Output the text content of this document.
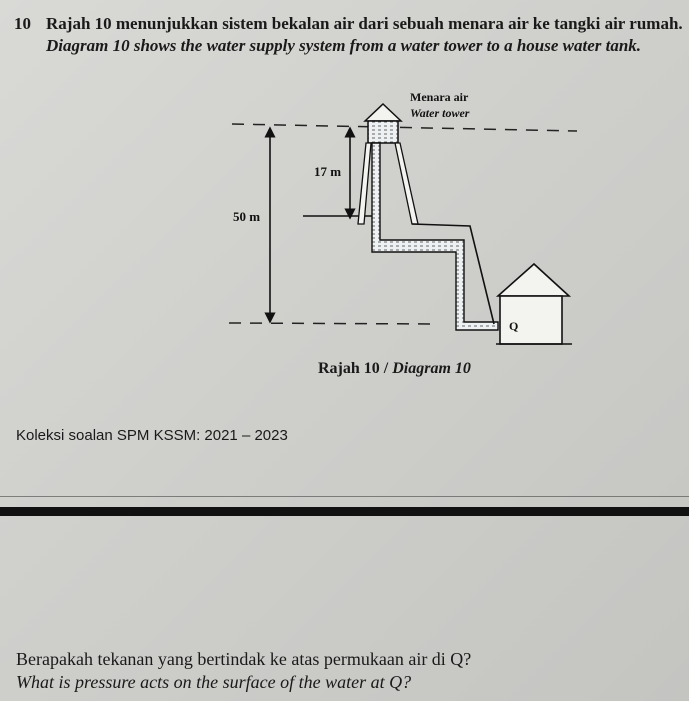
10 Rajah 10 menunjukkan sistem bekalan air dari sebuah menara air ke tangki air rumah.
Diagram 10 shows the water supply system from a water tower to a house water tank.
Menara air
Water tower
17 m
50 m
Q
Rajah 10 / Diagram 10
Koleksi soalan SPM KSSM: 2021 – 2023
Berapakah tekanan yang bertindak ke atas permukaan air di Q?
What is pressure acts on the surface of the water at Q?
